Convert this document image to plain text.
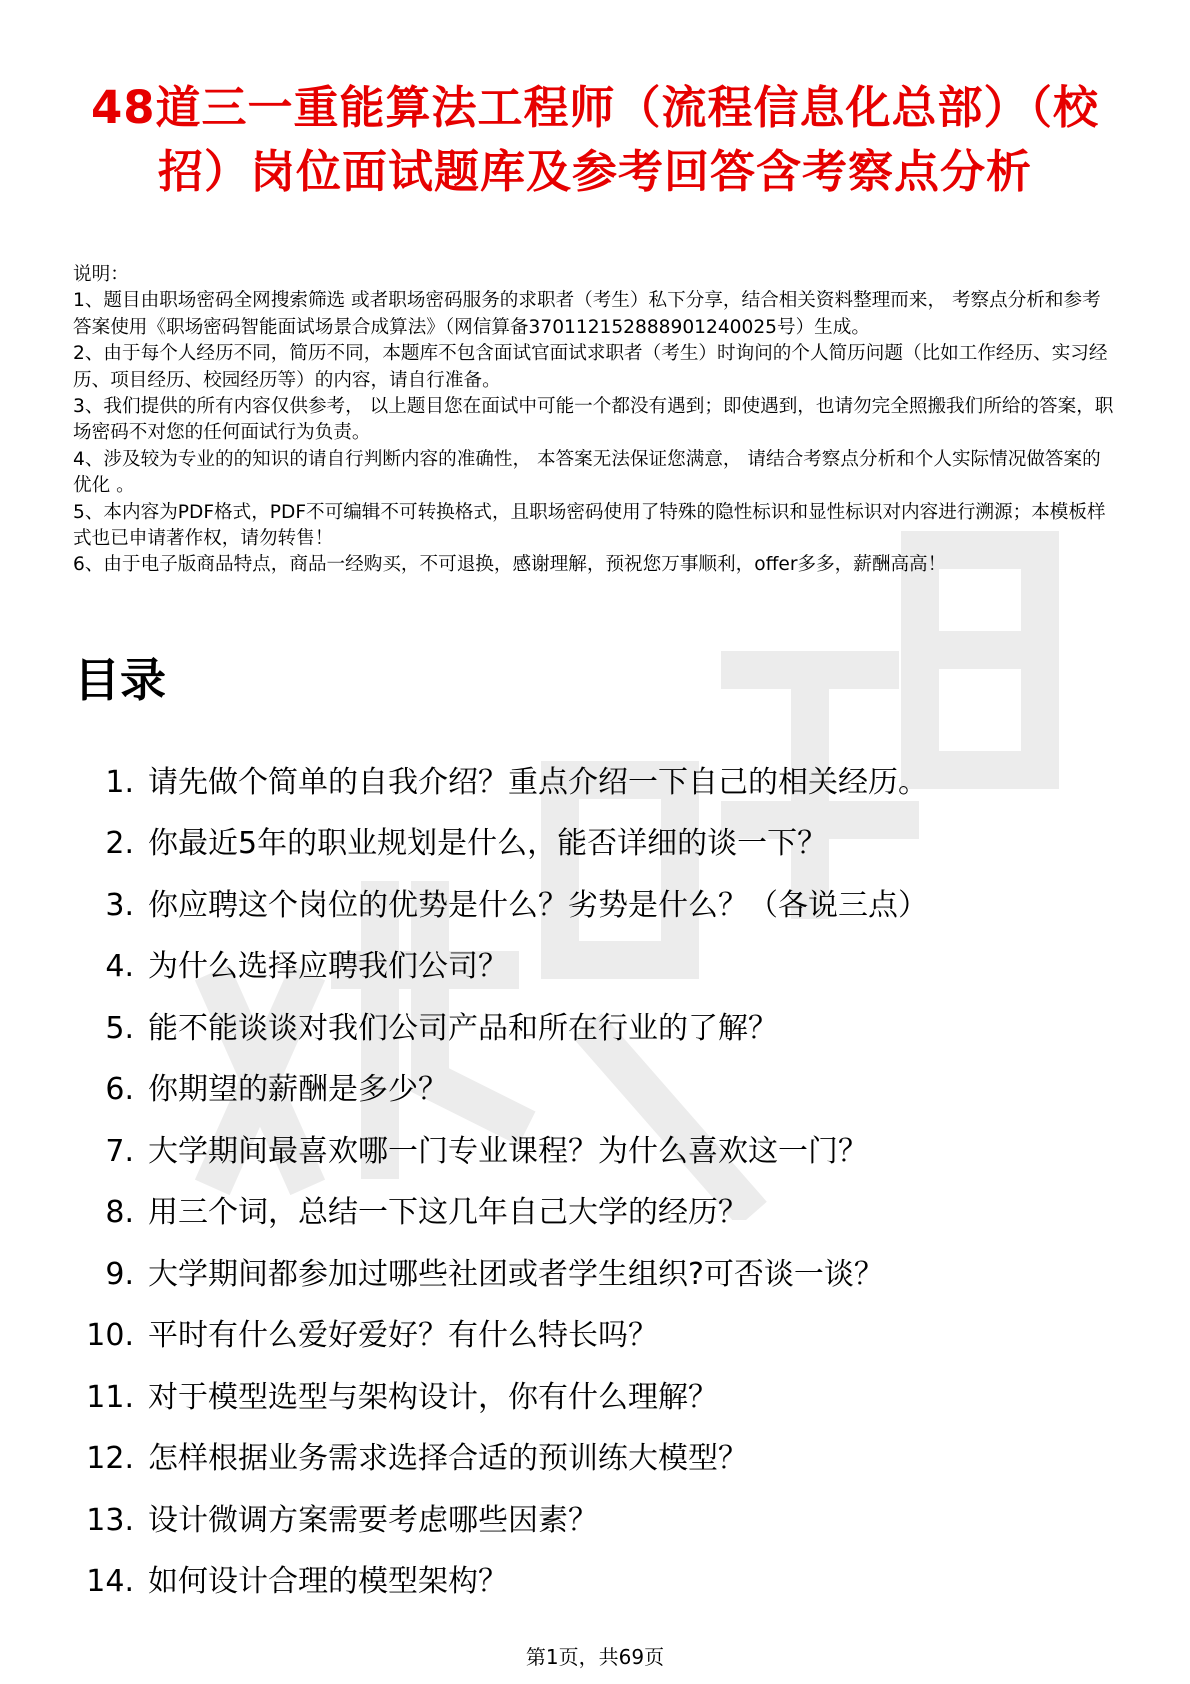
48道三一重能算法工程师（流程信息化总部）（校招）岗位面试题库及参考回答含考察点分析

说明：

1、题目由职场密码全网搜索筛选 或者职场密码服务的求职者（考生）私下分享，结合相关资料整理而来， 考察点分析和参考答案使用《职场密码智能面试场景合成算法》（网信算备370112152888901240025号）生成。

2、由于每个人经历不同，简历不同，本题库不包含面试官面试求职者（考生）时询问的个人简历问题（比如工作经历、实习经历、项目经历、校园经历等）的内容，请自行准备。

3、我们提供的所有内容仅供参考， 以上题目您在面试中可能一个都没有遇到；即使遇到，也请勿完全照搬我们所给的答案，职场密码不对您的任何面试行为负责。

4、涉及较为专业的的知识的请自行判断内容的准确性， 本答案无法保证您满意， 请结合考察点分析和个人实际情况做答案的优化 。

5、本内容为PDF格式，PDF不可编辑不可转换格式，且职场密码使用了特殊的隐性标识和显性标识对内容进行溯源；本模板样式也已申请著作权，请勿转售！

6、由于电子版商品特点，商品一经购买，不可退换，感谢理解，预祝您万事顺利，offer多多，薪酬高高！

目录
1. 请先做个简单的自我介绍？重点介绍一下自己的相关经历。
2. 你最近5年的职业规划是什么，能否详细的谈一下？
3. 你应聘这个岗位的优势是什么？劣势是什么？（各说三点）
4. 为什么选择应聘我们公司？
5. 能不能谈谈对我们公司产品和所在行业的了解？
6. 你期望的薪酬是多少？
7. 大学期间最喜欢哪一门专业课程？为什么喜欢这一门？
8. 用三个词，总结一下这几年自己大学的经历？
9. 大学期间都参加过哪些社团或者学生组织?可否谈一谈？
10. 平时有什么爱好爱好？有什么特长吗？
11. 对于模型选型与架构设计，你有什么理解？
12. 怎样根据业务需求选择合适的预训练大模型？
13. 设计微调方案需要考虑哪些因素？
14. 如何设计合理的模型架构？
第1页，共69页
